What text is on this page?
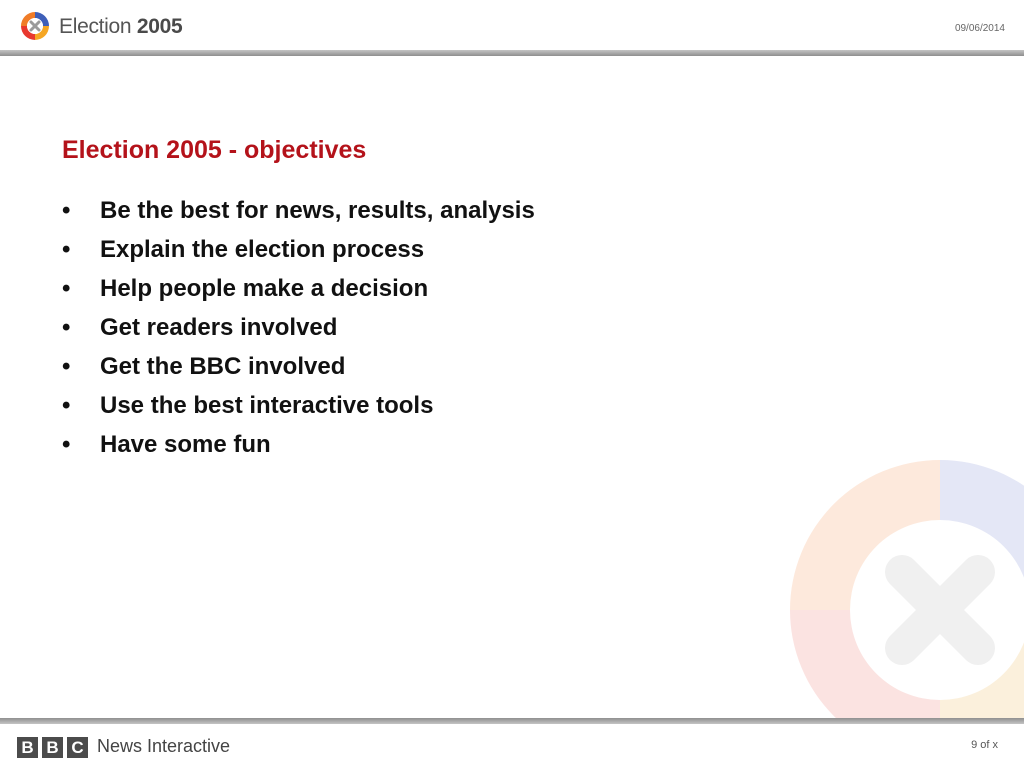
Election 2005	09/06/2014
Election 2005 - objectives
• Be the best for news, results, analysis
• Explain the election process
• Help people make a decision
• Get readers involved
• Get the BBC involved
• Use the best interactive tools
• Have some fun
B B C News Interactive	9 of x
